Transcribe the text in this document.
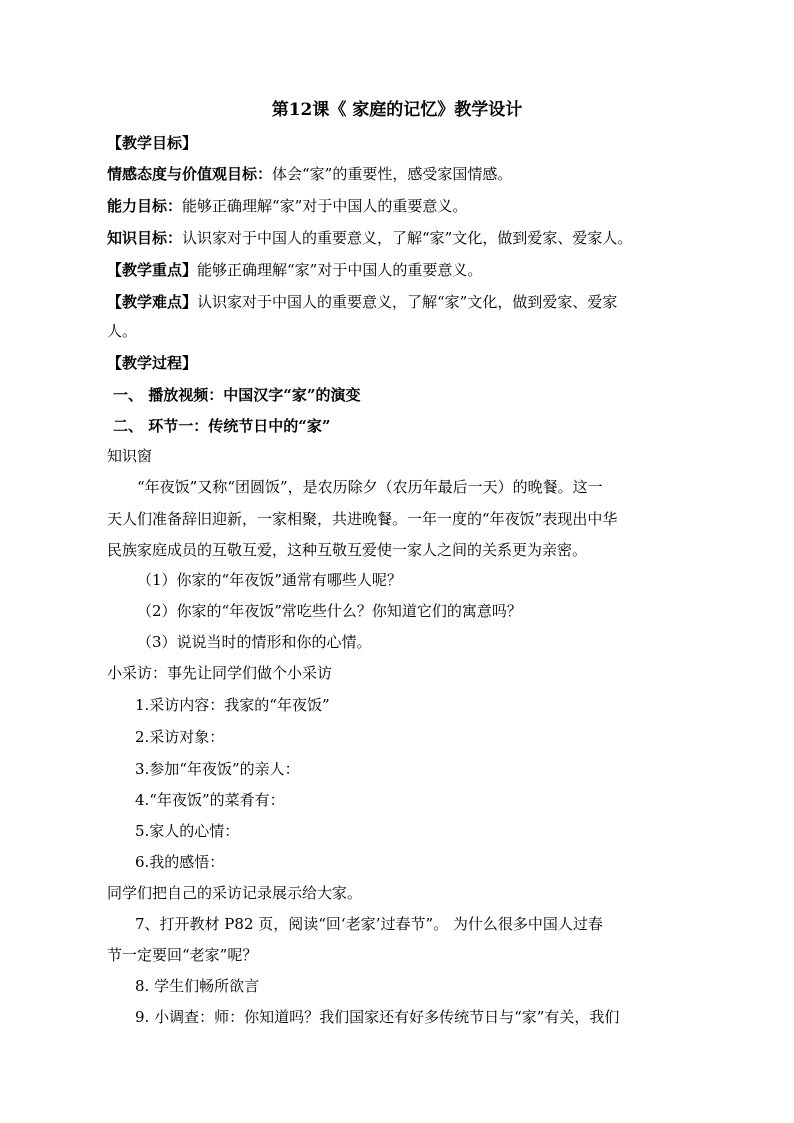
第12课《 家庭的记忆》教学设计
【教学目标】
情感态度与价值观目标：体会“家”的重要性，感受家国情感。
能力目标：能够正确理解“家”对于中国人的重要意义。
知识目标：认识家对于中国人的重要意义，了解“家”文化，做到爱家、爱家人。
【教学重点】能够正确理解“家”对于中国人的重要意义。
【教学难点】认识家对于中国人的重要意义，了解“家”文化，做到爱家、爱家
人。
【教学过程】
一、 播放视频：中国汉字“家”的演变
二、 环节一：传统节日中的“家”
知识窗
“年夜饭”又称“团圆饭”，是农历除夕（农历年最后一天）的晚餐。这一
天人们准备辞旧迎新，一家相聚，共进晚餐。一年一度的“年夜饭”表现出中华
民族家庭成员的互敬互爱，这种互敬互爱使一家人之间的关系更为亲密。
（1）你家的“年夜饭”通常有哪些人呢？
（2）你家的“年夜饭”常吃些什么？你知道它们的寓意吗？
（3）说说当时的情形和你的心情。
小采访：事先让同学们做个小采访
1.采访内容：我家的“年夜饭”
2.采访对象：
3.参加“年夜饭”的亲人：
4.“年夜饭”的菜肴有：
5.家人的心情：
6.我的感悟：
同学们把自己的采访记录展示给大家。
7、打开教材 P82 页，阅读“回‘老家’过春节”。 为什么很多中国人过春
节一定要回“老家”呢？
8. 学生们畅所欲言
9. 小调查：师：你知道吗？我们国家还有好多传统节日与“家”有关，我们
